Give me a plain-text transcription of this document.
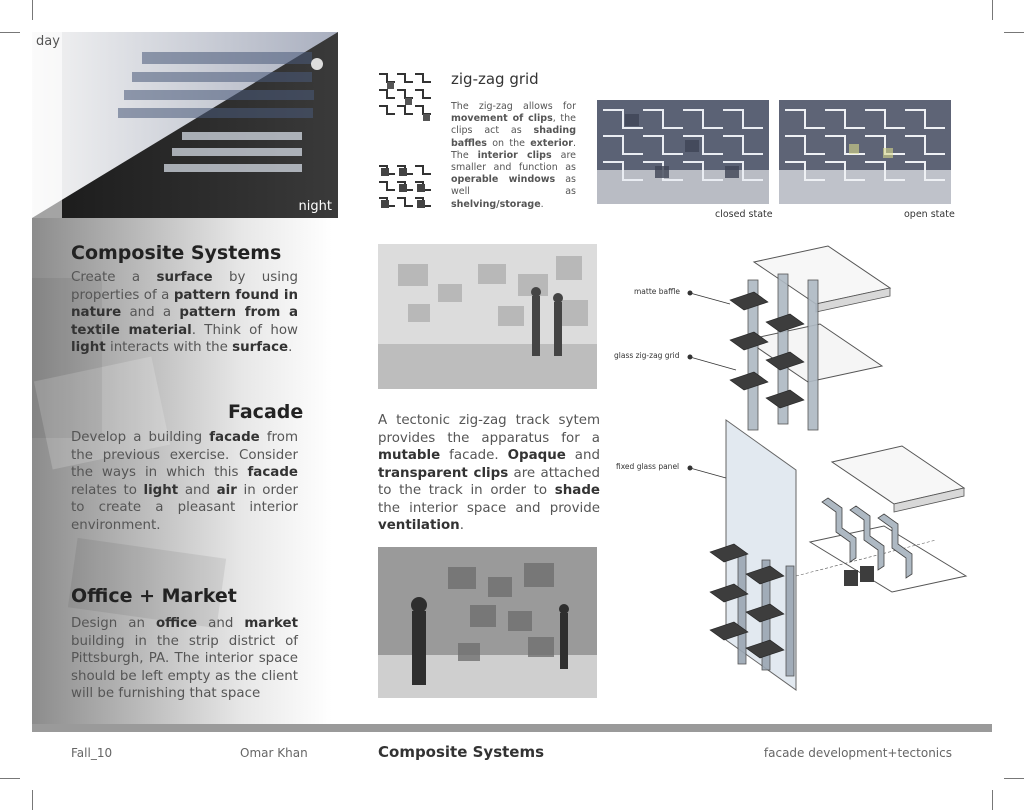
day
night
zig-zag grid
The zig-zag allows for movement of clips, the clips act as shading baffles on the exterior. The interior clips are smaller and function as operable windows as well as shelving/storage.
closed state	open state
Composite Systems
Create a surface by using properties of a pattern found in nature and a pattern from a textile material. Think of how light interacts with the surface.
Facade
Develop a building facade from the previous exercise. Consider the ways in which this facade relates to light and air in order to create a pleasant interior environment.
Office + Market
Design an office and market building in the strip district of Pittsburgh, PA. The interior space should be left empty as the client will be furnishing that space
A tectonic zig-zag track sytem provides the apparatus for a mutable facade. Opaque and transparent clips are attached to the track in order to shade the interior space and provide ventilation.
matte baffle
glass zig-zag grid
fixed glass panel
Fall_10	Omar Khan	Composite Systems	facade development+tectonics
